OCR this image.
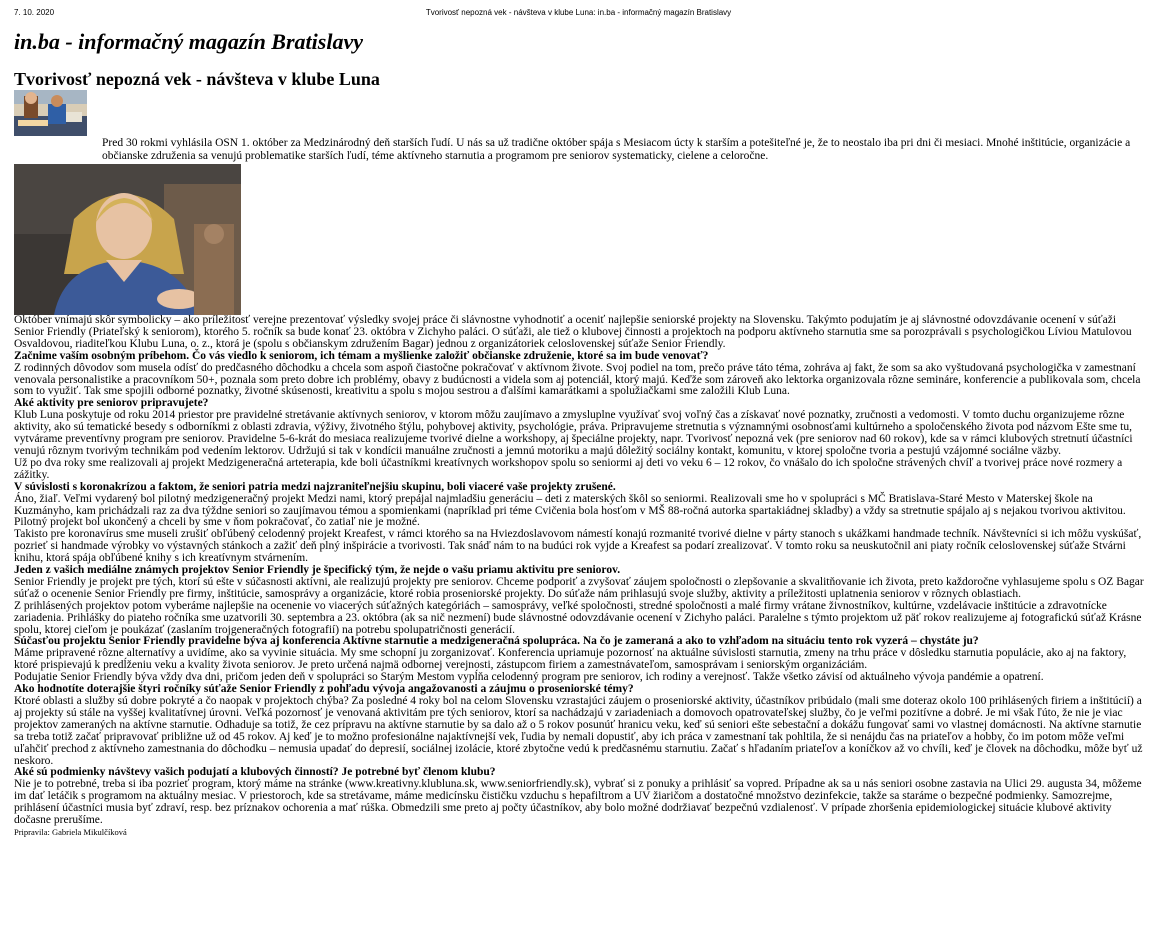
7. 10. 2020	Tvorivosť nepozná vek - návšteva v klube Luna: in.ba - informačný magazín Bratislavy
in.ba - informačný magazín Bratislavy
Tvorivosť nepozná vek - návšteva v klube Luna

Pred 30 rokmi vyhlásila OSN 1. október za Medzinárodný deň starších ľudí. U nás sa už tradične október spája s Mesiacom úcty k starším a potešiteľné je, že to neostalo iba pri dni či mesiaci. Mnohé inštitúcie, organizácie a občianske združenia sa venujú problematike starších ľudí, téme aktívneho starnutia a programom pre seniorov systematicky, cielene a celoročne.

Október vnímajú skôr symbolicky – ako príležitosť verejne prezentovať výsledky svojej práce či slávnostne vyhodnotiť a oceniť najlepšie seniorské projekty na Slovensku. Takýmto podujatím je aj slávnostné odovzdávanie ocenení v súťaži Senior Friendly (Priateľský k seniorom), ktorého 5. ročník sa bude konať 23. októbra v Zichyho paláci. O súťaži, ale tiež o klubovej činnosti a projektoch na podporu aktívneho starnutia sme sa porozprávali s psychologičkou Líviou Matulovou Osvaldovou, riaditeľkou Klubu Luna, o. z., ktorá je (spolu s občianskym združením Bagar) jednou z organizátoriek celoslovenskej súťaže Senior Friendly.

Začnime vaším osobným príbehom. Čo vás viedlo k seniorom, ich témam a myšlienke založiť občianske združenie, ktoré sa im bude venovať?

Z rodinných dôvodov som musela odísť do predčasného dôchodku a chcela som aspoň čiastočne pokračovať v aktívnom živote. Svoj podiel na tom, prečo práve táto téma, zohráva aj fakt, že som sa ako vyštudovaná psychologička v zamestnaní venovala personalistike a pracovníkom 50+, poznala som preto dobre ich problémy, obavy z budúcnosti a videla som aj potenciál, ktorý majú. Keďže som zároveň ako lektorka organizovala rôzne semináre, konferencie a publikovala som, chcela som to využiť. Tak sme spojili odborné poznatky, životné skúsenosti, kreativitu a spolu s mojou sestrou a ďalšími kamarátkami a spolužiačkami sme založili Klub Luna.

Aké aktivity pre seniorov pripravujete?

Klub Luna poskytuje od roku 2014 priestor pre pravidelné stretávanie aktívnych seniorov, v ktorom môžu zaujímavo a zmysluplne využívať svoj voľný čas a získavať nové poznatky, zručnosti a vedomosti. V tomto duchu organizujeme rôzne aktivity, ako sú tematické besedy s odborníkmi z oblasti zdravia, výživy, životného štýlu, pohybovej aktivity, psychológie, práva. Pripravujeme stretnutia s významnými osobnosťami kultúrneho a spoločenského života pod názvom Ešte sme tu, vytvárame preventívny program pre seniorov. Pravidelne 5-6-krát do mesiaca realizujeme tvorivé dielne a workshopy, aj špeciálne projekty, napr. Tvorivosť nepozná vek (pre seniorov nad 60 rokov), kde sa v rámci klubových stretnutí účastníci venujú rôznym tvorivým technikám pod vedením lektorov. Udržujú si tak v kondícii manuálne zručnosti a jemnú motoriku a majú dôležitý sociálny kontakt, komunitu, v ktorej spoločne tvoria a pestujú vzájomné sociálne väzby.

Už po dva roky sme realizovali aj projekt Medzigeneračná arteterapia, kde boli účastníkmi kreatívnych workshopov spolu so seniormi aj deti vo veku 6 – 12 rokov, čo vnášalo do ich spoločne strávených chvíľ a tvorivej práce nové rozmery a zážitky.

V súvislosti s koronakrízou a faktom, že seniori patria medzi najzraniteľnejšiu skupinu, boli viaceré vaše projekty zrušené.

Áno, žiaľ. Veľmi vydarený bol pilotný medzigeneračný projekt Medzi nami, ktorý prepájal najmladšiu generáciu – deti z materských škôl so seniormi. Realizovali sme ho v spolupráci s MČ Bratislava-Staré Mesto v Materskej škole na Kuzmányho, kam prichádzali raz za dva týždne seniori so zaujímavou témou a spomienkami (napríklad pri téme Cvičenia bola hosťom v MŠ 88-ročná autorka spartakiádnej skladby) a vždy sa stretnutie spájalo aj s nejakou tvorivou aktivitou. Pilotný projekt bol ukončený a chceli by sme v ňom pokračovať, čo zatiaľ nie je možné.

Takisto pre koronavírus sme museli zrušiť obľúbený celodenný projekt Kreafest, v rámci ktorého sa na Hviezdoslavovom námestí konajú rozmanité tvorivé dielne v párty stanoch s ukážkami handmade techník. Návštevníci si ich môžu vyskúšať, pozrieť si handmade výrobky vo výstavných stánkoch a zažiť deň plný inšpirácie a tvorivosti. Tak snáď nám to na budúci rok vyjde a Kreafest sa podarí zrealizovať. V tomto roku sa neuskutočnil ani piaty ročník celoslovenskej súťaže Stvárni knihu, ktorá spája obľúbené knihy s ich kreatívnym stvárnením.

Jeden z vašich mediálne známych projektov Senior Friendly je špecifický tým, že nejde o vašu priamu aktivitu pre seniorov.

Senior Friendly je projekt pre tých, ktorí sú ešte v súčasnosti aktívni, ale realizujú projekty pre seniorov. Chceme podporiť a zvyšovať záujem spoločnosti o zlepšovanie a skvalitňovanie ich života, preto každoročne vyhlasujeme spolu s OZ Bagar súťaž o ocenenie Senior Friendly pre firmy, inštitúcie, samosprávy a organizácie, ktoré robia proseniorské projekty. Do súťaže nám prihlasujú svoje služby, aktivity a príležitosti uplatnenia seniorov v rôznych oblastiach.

Z prihlásených projektov potom vyberáme najlepšie na ocenenie vo viacerých súťažných kategóriách – samosprávy, veľké spoločnosti, stredné spoločnosti a malé firmy vrátane živnostníkov, kultúrne, vzdelávacie inštitúcie a zdravotnícke zariadenia. Prihlášky do piateho ročníka sme uzatvorili 30. septembra a 23. októbra (ak sa nič nezmení) bude slávnostné odovzdávanie ocenení v Zichyho paláci. Paralelne s týmto projektom už päť rokov realizujeme aj fotografickú súťaž Krásne spolu, ktorej cieľom je poukázať (zaslaním trojgeneračných fotografií) na potrebu spolupatričnosti generácií.

Súčasťou projektu Senior Friendly pravidelne býva aj konferencia Aktívne starnutie a medzigeneračná spolupráca. Na čo je zameraná a ako to vzhľadom na situáciu tento rok vyzerá – chystáte ju?

Máme pripravené rôzne alternatívy a uvidíme, ako sa vyvinie situácia. My sme schopní ju zorganizovať. Konferencia upriamuje pozornosť na aktuálne súvislosti starnutia, zmeny na trhu práce v dôsledku starnutia populácie, ako aj na faktory, ktoré prispievajú k predĺženiu veku a kvality života seniorov. Je preto určená najmä odbornej verejnosti, zástupcom firiem a zamestnávateľom, samosprávam i seniorským organizáciám.

Podujatie Senior Friendly býva vždy dva dni, pričom jeden deň v spolupráci so Starým Mestom vypĺňa celodenný program pre seniorov, ich rodiny a verejnosť. Takže všetko závisí od aktuálneho vývoja pandémie a opatrení.

Ako hodnotíte doterajšie štyri ročníky súťaže Senior Friendly z pohľadu vývoja angažovanosti a záujmu o proseniorské témy?

Ktoré oblasti a služby sú dobre pokryté a čo naopak v projektoch chýba? Za posledné 4 roky bol na celom Slovensku vzrastajúci záujem o proseniorské aktivity, účastníkov pribúdalo (mali sme doteraz okolo 100 prihlásených firiem a inštitúcií) a aj projekty sú stále na vyššej kvalitatívnej úrovni. Veľká pozornosť je venovaná aktivitám pre tých seniorov, ktorí sa nachádzajú v zariadeniach a domovoch opatrovateľskej služby, čo je veľmi pozitívne a dobré. Je mi však ľúto, že nie je viac projektov zameraných na aktívne starnutie. Odhaduje sa totiž, že cez prípravu na aktívne starnutie by sa dalo až o 5 rokov posunúť hranicu veku, keď sú seniori ešte sebestační a dokážu fungovať sami vo vlastnej domácnosti. Na aktívne starnutie sa treba totiž začať pripravovať približne už od 45 rokov. Aj keď je to možno profesionálne najaktívnejší vek, ľudia by nemali dopustiť, aby ich práca v zamestnaní tak pohltila, že si nenájdu čas na priateľov a hobby, čo im potom môže veľmi uľahčiť prechod z aktívneho zamestnania do dôchodku – nemusia upadať do depresií, sociálnej izolácie, ktoré zbytočne vedú k predčasnému starnutiu. Začať s hľadaním priateľov a koníčkov až vo chvíli, keď je človek na dôchodku, môže byť už neskoro.

Aké sú podmienky návštevy vašich podujatí a klubových činností? Je potrebné byť členom klubu?

Nie je to potrebné, treba si iba pozrieť program, ktorý máme na stránke (www.kreativny.klubluna.sk, www.seniorfriendly.sk), vybrať si z ponuky a prihlásiť sa vopred. Prípadne ak sa u nás seniori osobne zastavia na Ulici 29. augusta 34, môžeme im dať letáčik s programom na aktuálny mesiac. V priestoroch, kde sa stretávame, máme medicínsku čističku vzduchu s hepafiltrom a UV žiaričom a dostatočné množstvo dezinfekcie, takže sa staráme o bezpečné podmienky. Samozrejme, prihlásení účastníci musia byť zdraví, resp. bez príznakov ochorenia a mať rúška. Obmedzili sme preto aj počty účastníkov, aby bolo možné dodržiavať bezpečnú vzdialenosť. V prípade zhoršenia epidemiologickej situácie klubové aktivity dočasne prerušíme.

Pripravila: Gabriela Mikulčíková
